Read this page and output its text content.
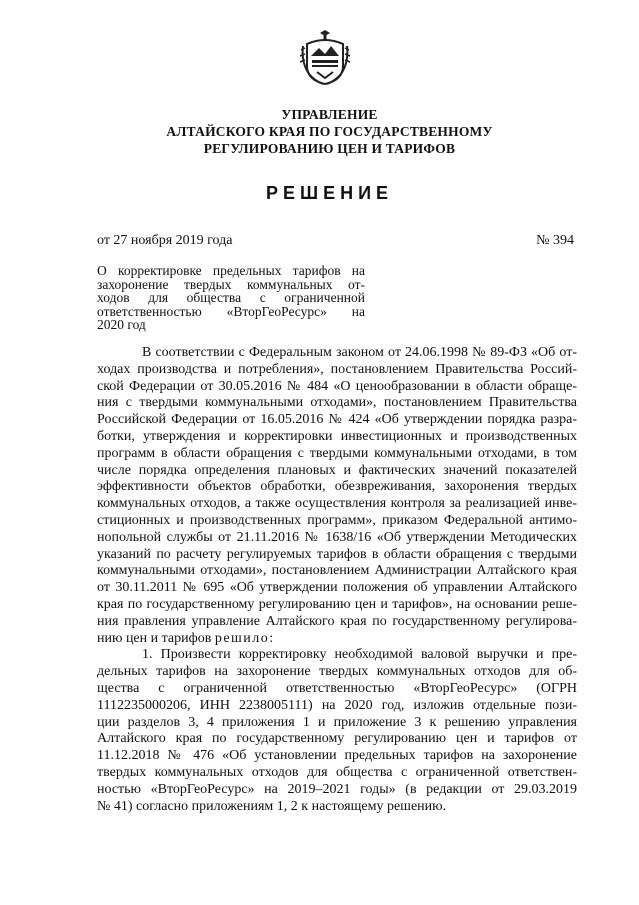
УПРАВЛЕНИЕ
АЛТАЙСКОГО КРАЯ ПО ГОСУДАРСТВЕННОМУ
РЕГУЛИРОВАНИЮ ЦЕН И ТАРИФОВ
РЕШЕНИЕ
от 27 ноября 2019 года	№ 394
О корректировке предельных тарифов на
захоронение твердых коммунальных от-
ходов для общества с ограниченной
ответственностью «ВторГеоРесурс» на
2020 год
В соответствии с Федеральным законом от 24.06.1998 № 89-ФЗ «Об от-
ходах производства и потребления», постановлением Правительства Россий-
ской Федерации от 30.05.2016 № 484 «О ценообразовании в области обраще-
ния с твердыми коммунальными отходами», постановлением Правительства
Российской Федерации от 16.05.2016 № 424 «Об утверждении порядка разра-
ботки, утверждения и корректировки инвестиционных и производственных
программ в области обращения с твердыми коммунальными отходами, в том
числе порядка определения плановых и фактических значений показателей
эффективности объектов обработки, обезвреживания, захоронения твердых
коммунальных отходов, а также осуществления контроля за реализацией инве-
стиционных и производственных программ», приказом Федеральной антимо-
нопольной службы от 21.11.2016 № 1638/16 «Об утверждении Методических
указаний по расчету регулируемых тарифов в области обращения с твердыми
коммунальными отходами», постановлением Администрации Алтайского края
от 30.11.2011 № 695 «Об утверждении положения об управлении Алтайского
края по государственному регулированию цен и тарифов», на основании реше-
ния правления управление Алтайского края по государственному регулирова-
нию цен и тарифов решило:
1. Произвести корректировку необходимой валовой выручки и пре-
дельных тарифов на захоронение твердых коммунальных отходов для об-
щества с ограниченной ответственностью «ВторГеоРесурс» (ОГРН
1112235000206, ИНН 2238005111) на 2020 год, изложив отдельные пози-
ции разделов 3, 4 приложения 1 и приложение 3 к решению управления
Алтайского края по государственному регулированию цен и тарифов от
11.12.2018 № 476 «Об установлении предельных тарифов на захоронение
твердых коммунальных отходов для общества с ограниченной ответствен-
ностью «ВторГеоРесурс» на 2019–2021 годы» (в редакции от 29.03.2019
№ 41) согласно приложениям 1, 2 к настоящему решению.
